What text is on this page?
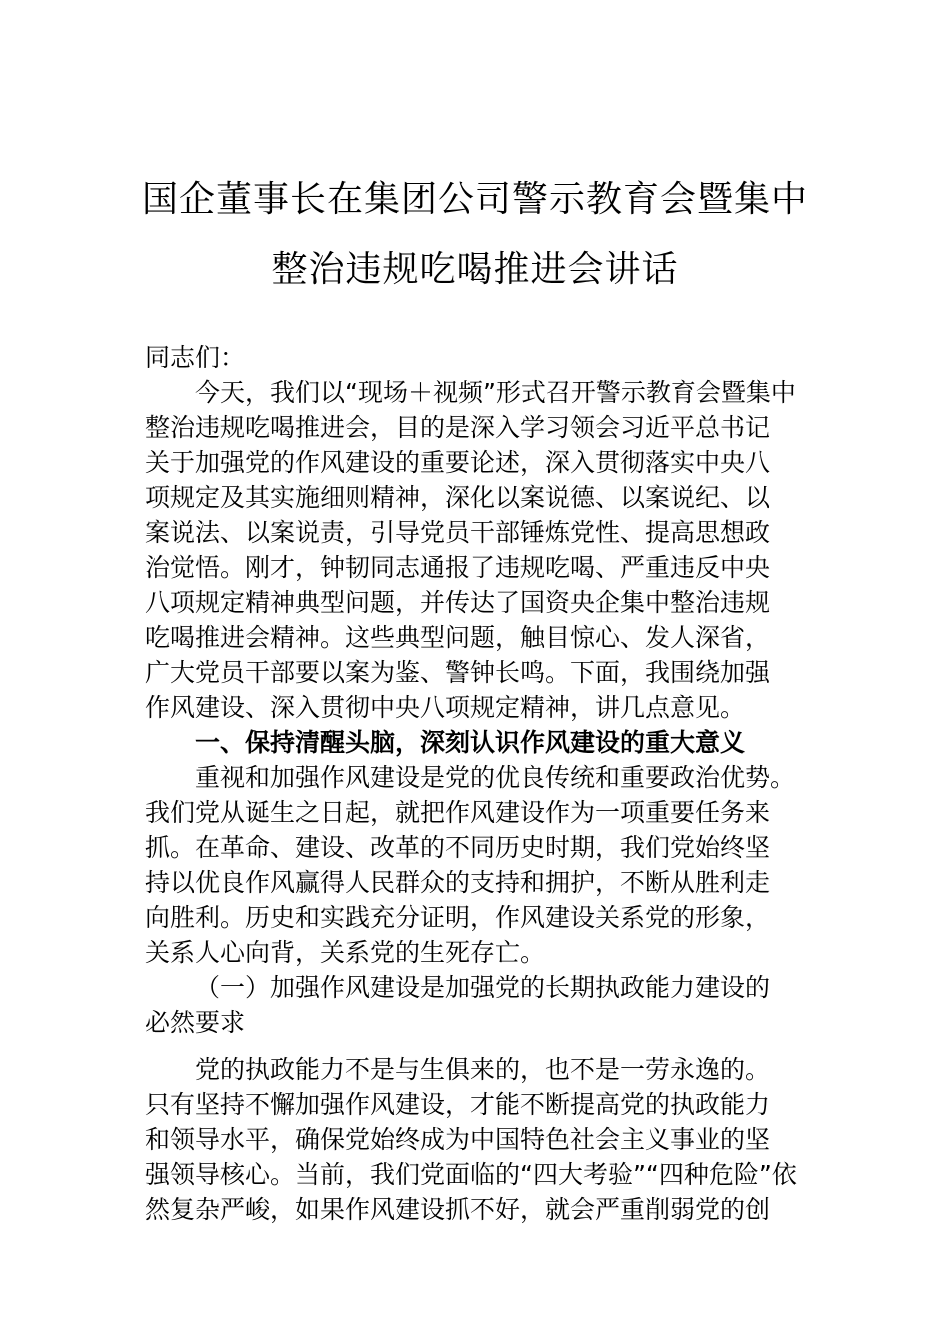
国企董事长在集团公司警示教育会暨集中
整治违规吃喝推进会讲话
同志们：
今天，我们以“现场＋视频”形式召开警示教育会暨集中
整治违规吃喝推进会，目的是深入学习领会习近平总书记
关于加强党的作风建设的重要论述，深入贯彻落实中央八
项规定及其实施细则精神，深化以案说德、以案说纪、以
案说法、以案说责，引导党员干部锤炼党性、提高思想政
治觉悟。刚才，钟韧同志通报了违规吃喝、严重违反中央
八项规定精神典型问题，并传达了国资央企集中整治违规
吃喝推进会精神。这些典型问题，触目惊心、发人深省，
广大党员干部要以案为鉴、警钟长鸣。下面，我围绕加强
作风建设、深入贯彻中央八项规定精神，讲几点意见。
一、保持清醒头脑，深刻认识作风建设的重大意义
重视和加强作风建设是党的优良传统和重要政治优势。
我们党从诞生之日起，就把作风建设作为一项重要任务来
抓。在革命、建设、改革的不同历史时期，我们党始终坚
持以优良作风赢得人民群众的支持和拥护，不断从胜利走
向胜利。历史和实践充分证明，作风建设关系党的形象，
关系人心向背，关系党的生死存亡。
（一）加强作风建设是加强党的长期执政能力建设的
必然要求
党的执政能力不是与生俱来的，也不是一劳永逸的。
只有坚持不懈加强作风建设，才能不断提高党的执政能力
和领导水平，确保党始终成为中国特色社会主义事业的坚
强领导核心。当前，我们党面临的“四大考验”“四种危险”依
然复杂严峻，如果作风建设抓不好，就会严重削弱党的创
